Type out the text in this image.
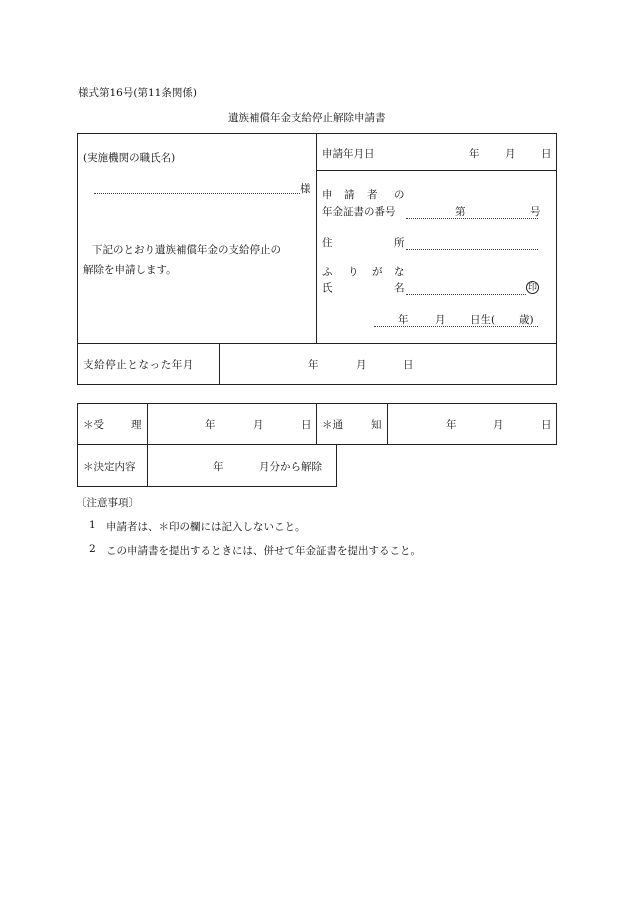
様式第16号(第11条関係)
遺族補償年金支給停止解除申請書
(実施機関の職氏名)
様
下記のとおり遺族補償年金の支給停止の
解除を申請します。
申請年月日	年 月 日
申 請 者 の
年金証書の番号	第	号
住	所
ふ り が な
氏	名	印
年	月 日生( 歳)
支給停止となった年月	年	月	日
＊受	理	年	月	日 ＊通	知	年	月	日
＊決定内容	年	月分から解除
〔注意事項〕
1 申請者は、＊印の欄には記入しないこと。
2 この申請書を提出するときには、併せて年金証書を提出すること。
